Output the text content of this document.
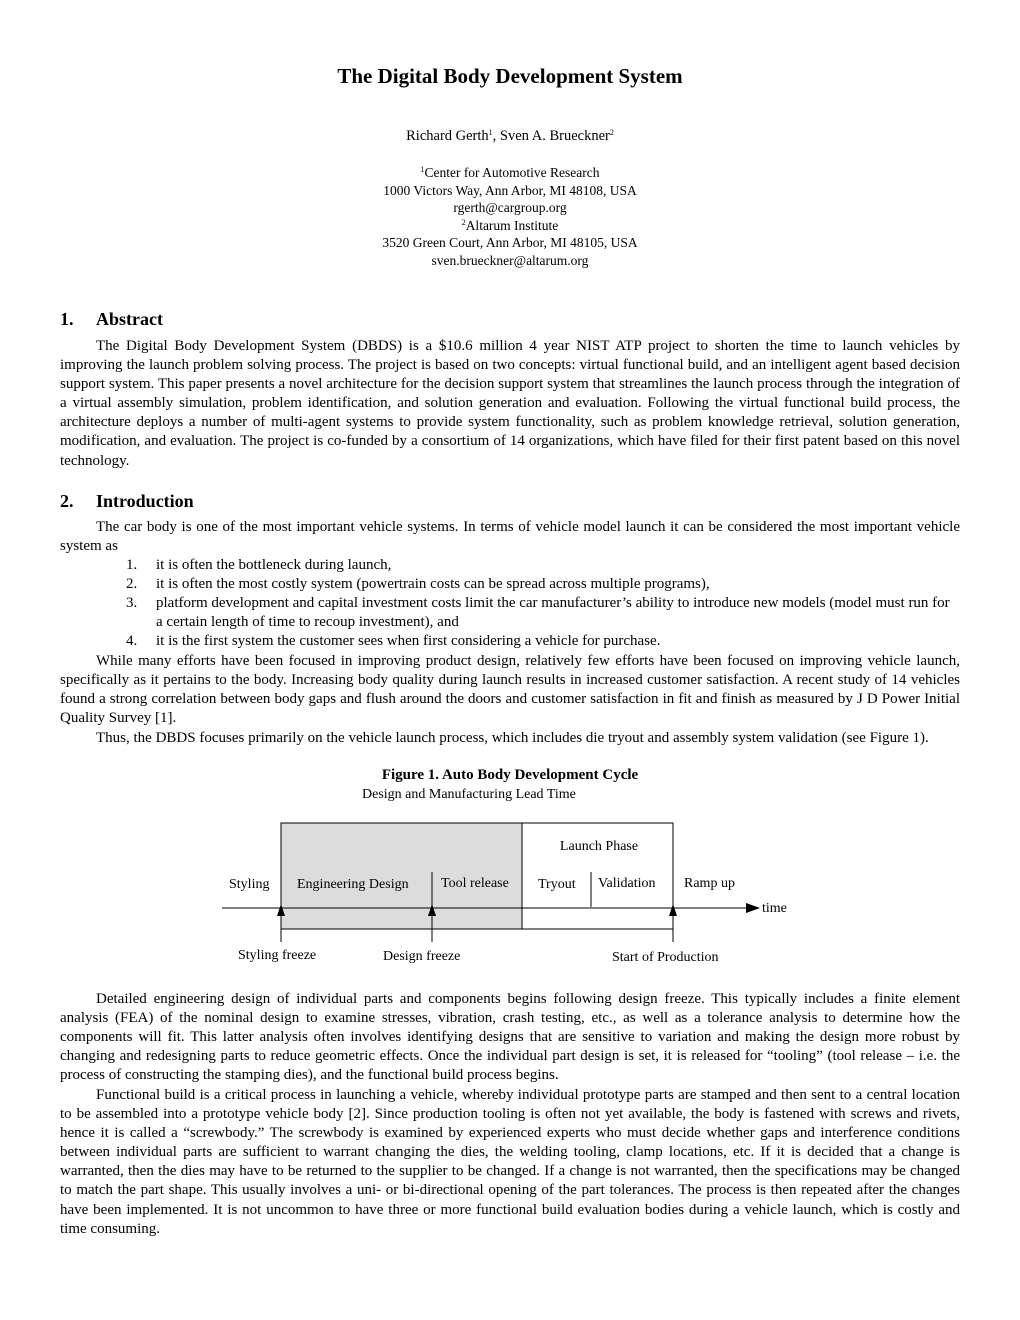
The Digital Body Development System
Richard Gerth$^1$, Sven A. Brueckner$^2$
$^1$Center for Automotive Research
1000 Victors Way, Ann Arbor, MI 48108, USA
rgerth@cargroup.org
$^2$Altarum Institute
3520 Green Court, Ann Arbor, MI 48105, USA
sven.brueckner@altarum.org
1. Abstract
The Digital Body Development System (DBDS) is a $10.6 million 4 year NIST ATP project to shorten the time to launch vehicles by improving the launch problem solving process. The project is based on two concepts: virtual functional build, and an intelligent agent based decision support system. This paper presents a novel architecture for the decision support system that streamlines the launch process through the integration of a virtual assembly simulation, problem identification, and solution generation and evaluation. Following the virtual functional build process, the architecture deploys a number of multi-agent systems to provide system functionality, such as problem knowledge retrieval, solution generation, modification, and evaluation. The project is co-funded by a consortium of 14 organizations, which have filed for their first patent based on this novel technology.
2. Introduction
The car body is one of the most important vehicle systems. In terms of vehicle model launch it can be considered the most important vehicle system as
1. it is often the bottleneck during launch,
2. it is often the most costly system (powertrain costs can be spread across multiple programs),
3. platform development and capital investment costs limit the car manufacturer’s ability to introduce new models (model must run for a certain length of time to recoup investment), and
4. it is the first system the customer sees when first considering a vehicle for purchase.
While many efforts have been focused in improving product design, relatively few efforts have been focused on improving vehicle launch, specifically as it pertains to the body. Increasing body quality during launch results in increased customer satisfaction. A recent study of 14 vehicles found a strong correlation between body gaps and flush around the doors and customer satisfaction in fit and finish as measured by J D Power Initial Quality Survey [1].
Thus, the DBDS focuses primarily on the vehicle launch process, which includes die tryout and assembly system validation (see Figure 1).
Figure 1. Auto Body Development Cycle
Design and Manufacturing Lead Time
Detailed engineering design of individual parts and components begins following design freeze. This typically includes a finite element analysis (FEA) of the nominal design to examine stresses, vibration, crash testing, etc., as well as a tolerance analysis to determine how the components will fit. This latter analysis often involves identifying designs that are sensitive to variation and making the design more robust by changing and redesigning parts to reduce geometric effects. Once the individual part design is set, it is released for “tooling” (tool release – i.e. the process of constructing the stamping dies), and the functional build process begins.
Functional build is a critical process in launching a vehicle, whereby individual prototype parts are stamped and then sent to a central location to be assembled into a prototype vehicle body [2]. Since production tooling is often not yet available, the body is fastened with screws and rivets, hence it is called a “screwbody.” The screwbody is examined by experienced experts who must decide whether gaps and interference conditions between individual parts are sufficient to warrant changing the dies, the welding tooling, clamp locations, etc. If it is decided that a change is warranted, then the dies may have to be returned to the supplier to be changed. If a change is not warranted, then the specifications may be changed to match the part shape. This usually involves a uni- or bi-directional opening of the part tolerances. The process is then repeated after the changes have been implemented. It is not uncommon to have three or more functional build evaluation bodies during a vehicle launch, which is costly and time consuming.
Launch Phase
Styling Engineering Design Tool release Tryout Validation Ramp up
time
Styling freeze	Design freeze	Start of Production
